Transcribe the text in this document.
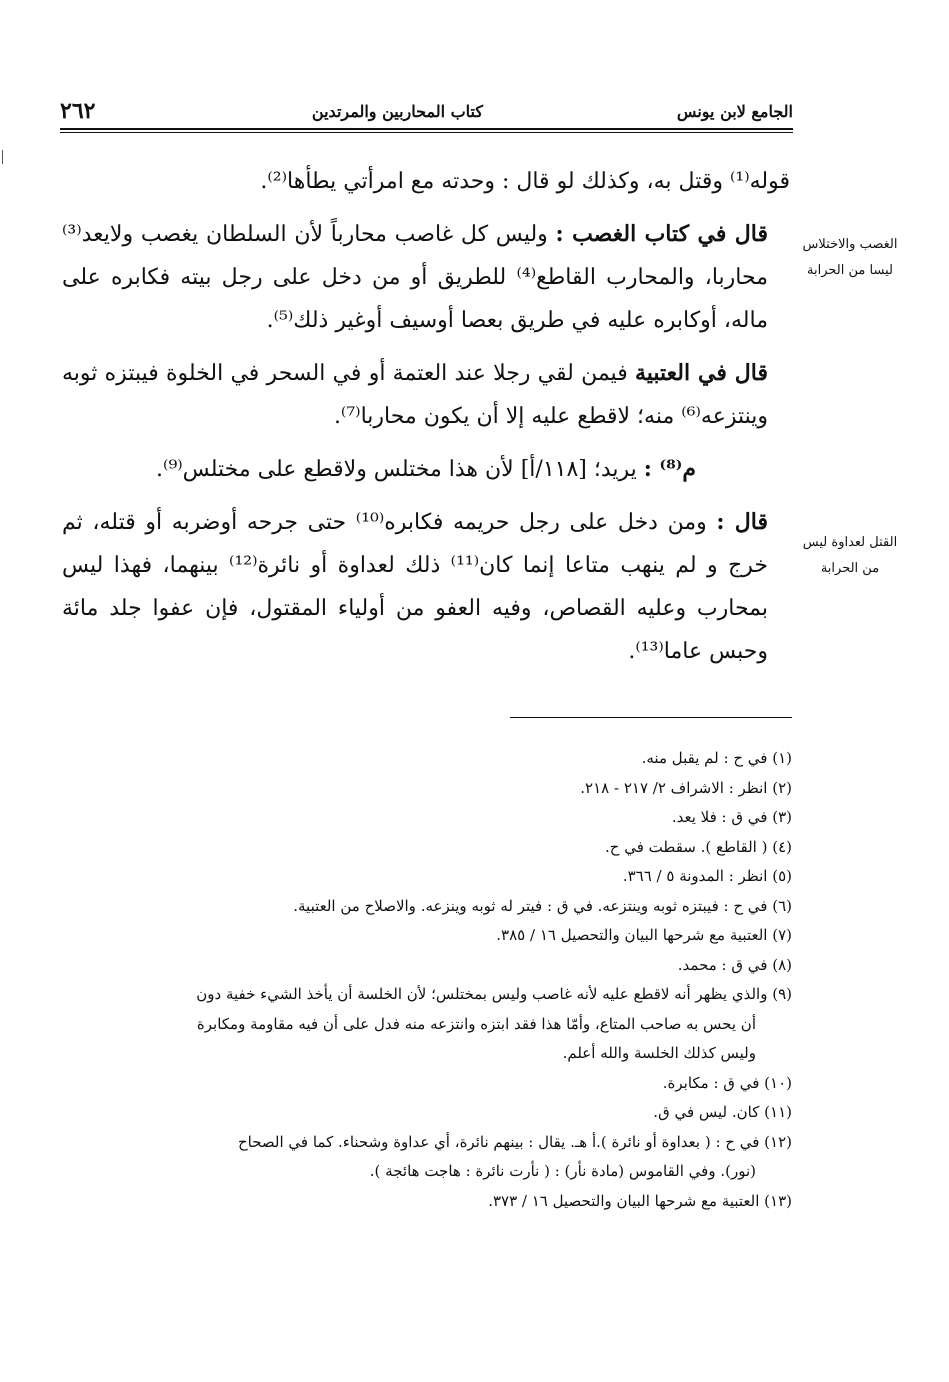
الجامع لابن يونس
كتاب المحاربين والمرتدين
٢٦٢
الغصب والاختلاس ليسا من الحرابة
القتل لعداوة ليس من الحرابة

قوله⁽¹⁾ وقتل به، وكذلك لو قال : وحدته مع امرأتي يطأها⁽²⁾.

قال في كتاب الغصب : وليس كل غاصب محارباً لأن السلطان يغصب ولايعد⁽³⁾ محاربا، والمحارب القاطع⁽⁴⁾ للطريق أو من دخل على رجل بيته فكابره على ماله، أوكابره عليه في طريق بعصا أوسيف أوغير ذلك⁽⁵⁾.

قال في العتبية فيمن لقي رجلا عند العتمة أو في السحر في الخلوة فيبتزه ثوبه وينتزعه⁽⁶⁾ منه؛ لاقطع عليه إلا أن يكون محاربا⁽⁷⁾.

م⁽⁸⁾ : يريد؛ [١١٨/أ] لأن هذا مختلس ولاقطع على مختلس⁽⁹⁾.

قال : ومن دخل على رجل حريمه فكابره⁽¹⁰⁾ حتى جرحه أوضربه أو قتله، ثم خرج و لم ينهب متاعا إنما كان⁽¹¹⁾ ذلك لعداوة أو نائرة⁽¹²⁾ بينهما، فهذا ليس بمحارب وعليه القصاص، وفيه العفو من أولياء المقتول، فإن عفوا جلد مائة وحبس عاما⁽¹³⁾.

(١) في ح : لم يقبل منه.

(٢) انظر : الاشراف ٢/ ٢١٧ - ٢١٨.

(٣) في ق : فلا يعد.

(٤) ( القاطع ). سقطت في ح.

(٥) انظر : المدونة ٥ / ٣٦٦.

(٦) في ح : فيبتزه ثوبه وينتزعه. في ق : فيتر له ثوبه وينزعه. والاصلاح من العتبية.

(٧) العتبية مع شرحها البيان والتحصيل ١٦ / ٣٨٥.

(٨) في ق : محمد.

(٩) والذي يظهر أنه لاقطع عليه لأنه غاصب وليس بمختلس؛ لأن الخلسة أن يأخذ الشيء خفية دون

أن يحس به صاحب المتاع، وأمّا هذا فقد ابتزه وانتزعه منه فدل على أن فيه مقاومة ومكابرة

وليس كذلك الخلسة والله أعلم.

(١٠) في ق : مكابرة.

(١١) كان. ليس في ق.

(١٢) في ح : ( بعداوة أو نائرة ).أ هـ. يقال : بينهم نائرة، أي عداوة وشحناء. كما في الصحاح

(نور). وفي القاموس (مادة نأر) : ( نأرت نائرة : هاجت هائجة ).

(١٣) العتبية مع شرحها البيان والتحصيل ١٦ / ٣٧٣.
